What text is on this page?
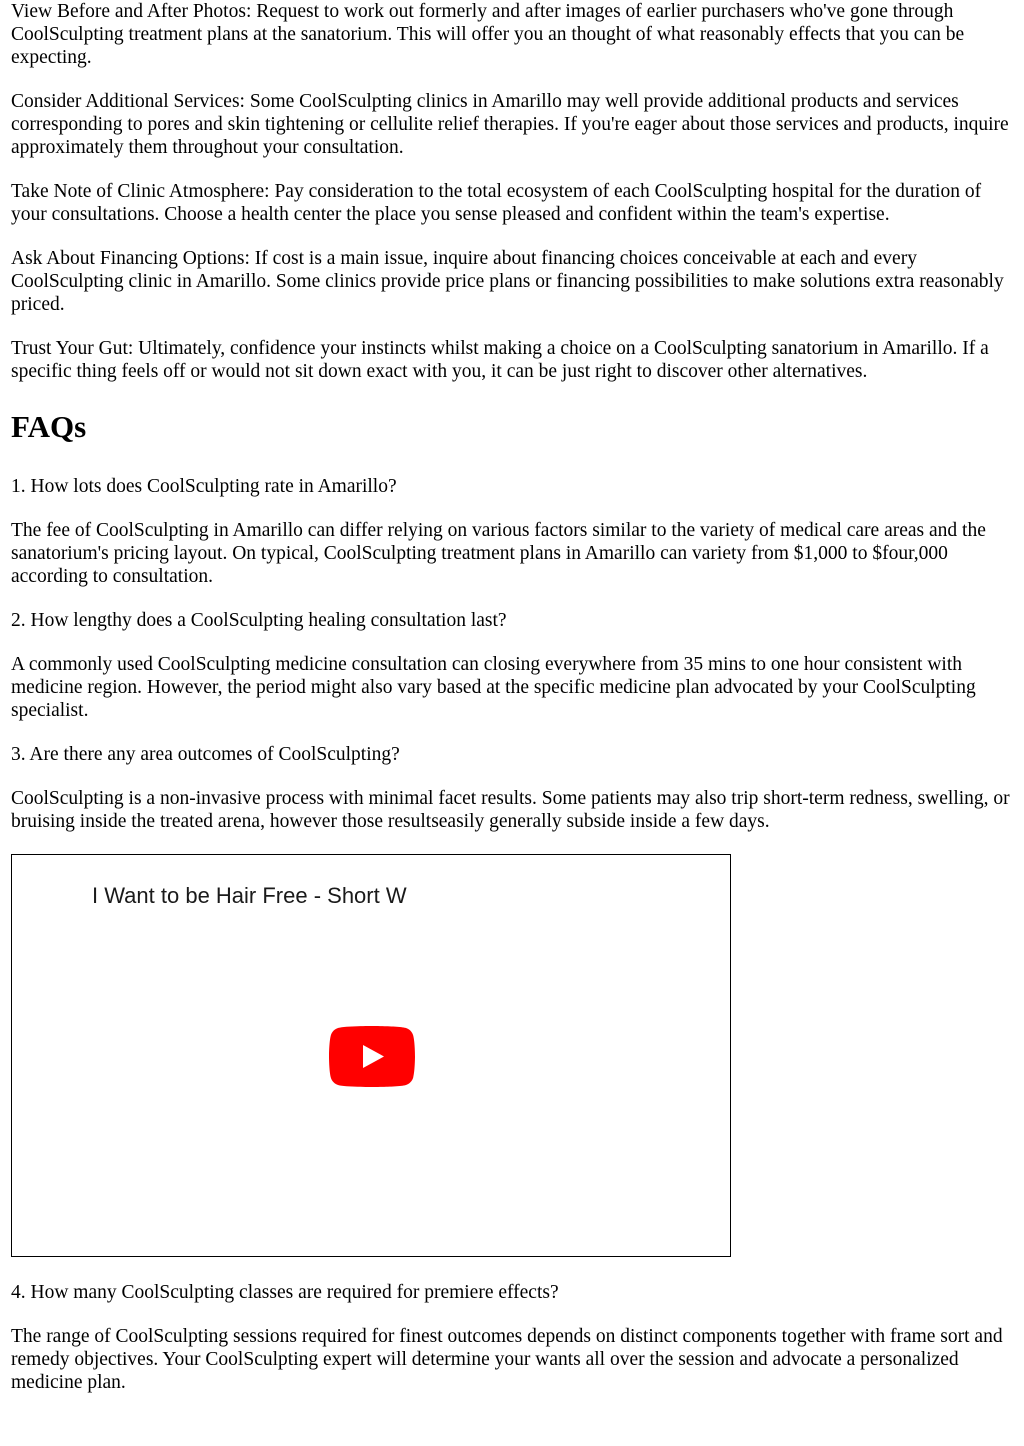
View Before and After Photos: Request to work out formerly and after images of earlier purchasers who've gone through CoolSculpting treatment plans at the sanatorium. This will offer you an thought of what reasonably effects that you can be expecting.

Consider Additional Services: Some CoolSculpting clinics in Amarillo may well provide additional products and services corresponding to pores and skin tightening or cellulite relief therapies. If you're eager about those services and products, inquire approximately them throughout your consultation.

Take Note of Clinic Atmosphere: Pay consideration to the total ecosystem of each CoolSculpting hospital for the duration of your consultations. Choose a health center the place you sense pleased and confident within the team's expertise.

Ask About Financing Options: If cost is a main issue, inquire about financing choices conceivable at each and every CoolSculpting clinic in Amarillo. Some clinics provide price plans or financing possibilities to make solutions extra reasonably priced.

Trust Your Gut: Ultimately, confidence your instincts whilst making a choice on a CoolSculpting sanatorium in Amarillo. If a specific thing feels off or would not sit down exact with you, it can be just right to discover other alternatives.

FAQs

1. How lots does CoolSculpting rate in Amarillo?

The fee of CoolSculpting in Amarillo can differ relying on various factors similar to the variety of medical care areas and the sanatorium's pricing layout. On typical, CoolSculpting treatment plans in Amarillo can variety from $1,000 to $four,000 according to consultation.

2. How lengthy does a CoolSculpting healing consultation last?

A commonly used CoolSculpting medicine consultation can closing everywhere from 35 mins to one hour consistent with medicine region. However, the period might also vary based at the specific medicine plan advocated by your CoolSculpting specialist.

3. Are there any area outcomes of CoolSculpting?

CoolSculpting is a non-invasive process with minimal facet results. Some patients may also trip short-term redness, swelling, or bruising inside the treated arena, however those resultseasily generally subside inside a few days.

I Want to be Hair Free - Short W

4. How many CoolSculpting classes are required for premiere effects?

The range of CoolSculpting sessions required for finest outcomes depends on distinct components together with frame sort and remedy objectives. Your CoolSculpting expert will determine your wants all over the session and advocate a personalized medicine plan.
